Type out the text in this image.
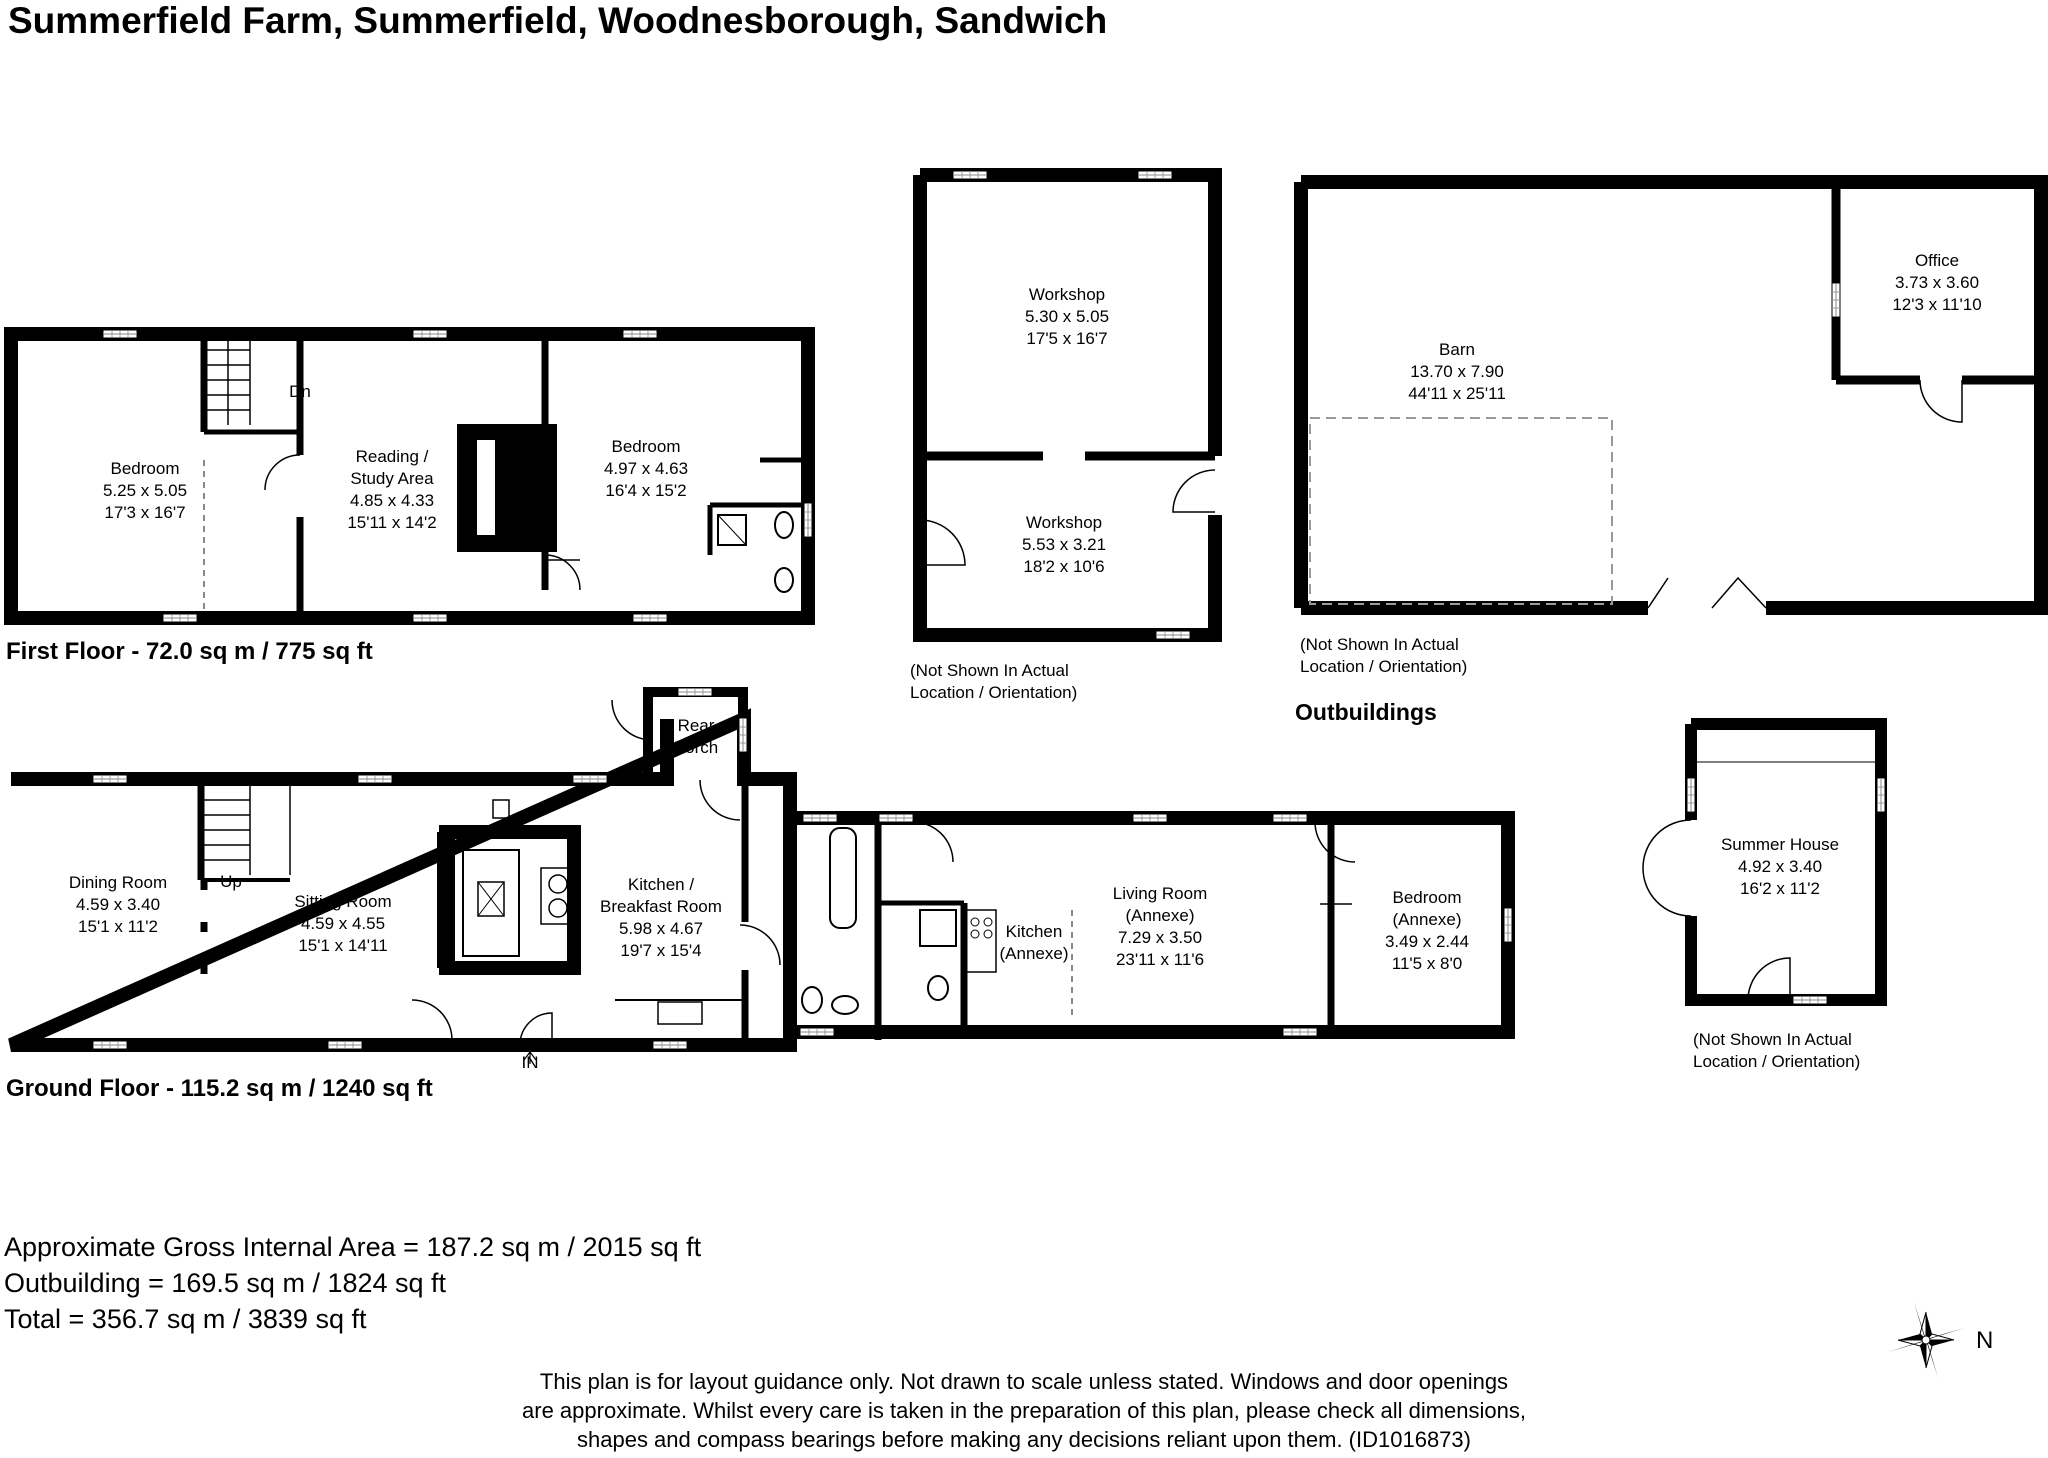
Summerfield Farm, Summerfield, Woodnesborough, Sandwich
Bedroom
5.25 x 5.05
17'3 x 16'7
Reading /
Study Area
4.85 x 4.33
15'11 x 14'2
Bedroom
4.97 x 4.63
16'4 x 15'2
Dn
Dining Room
4.59 x 3.40
15'1 x 11'2
Sitting Room
4.59 x 4.55
15'1 x 14'11
Kitchen /
Breakfast Room
5.98 x 4.67
19'7 x 15'4
Rear
Porch
Kitchen
(Annexe)
Living Room
(Annexe)
7.29 x 3.50
23'11 x 11'6
Bedroom
(Annexe)
3.49 x 2.44
11'5 x 8'0
Up
IN
Workshop
5.30 x 5.05
17'5 x 16'7
Workshop
5.53 x 3.21
18'2 x 10'6
(Not Shown In Actual
Location / Orientation)
Barn
13.70 x 7.90
44'11 x 25'11
Office
3.73 x 3.60
12'3 x 11'10
(Not Shown In Actual
Location / Orientation)
Outbuildings
Summer House
4.92 x 3.40
16'2 x 11'2
(Not Shown In Actual
Location / Orientation)
N
First Floor - 72.0 sq m / 775 sq ft
Ground Floor - 115.2 sq m / 1240 sq ft
Approximate Gross Internal Area = 187.2 sq m / 2015 sq ft
Outbuilding = 169.5 sq m / 1824 sq ft
Total = 356.7 sq m / 3839 sq ft
This plan is for layout guidance only. Not drawn to scale unless stated. Windows and door openings
are approximate. Whilst every care is taken in the preparation of this plan, please check all dimensions,
shapes and compass bearings before making any decisions reliant upon them. (ID1016873)
